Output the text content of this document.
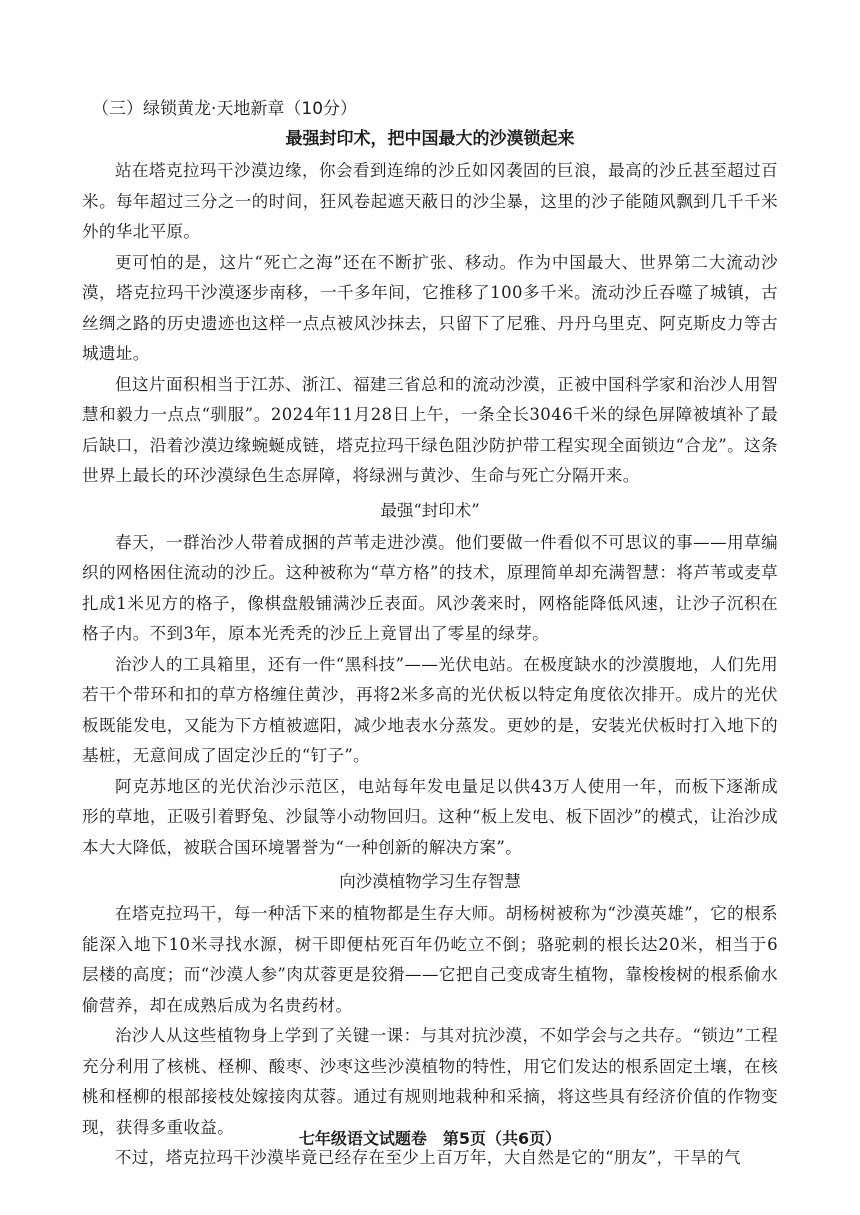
（三）绿锁黄龙·天地新章（10分）
最强封印术，把中国最大的沙漠锁起来

站在塔克拉玛干沙漠边缘，你会看到连绵的沙丘如冈袭固的巨浪，最高的沙丘甚至超过百米。每年超过三分之一的时间，狂风卷起遮天蔽日的沙尘暴，这里的沙子能随风飘到几千千米外的华北平原。

更可怕的是，这片“死亡之海”还在不断扩张、移动。作为中国最大、世界第二大流动沙漠，塔克拉玛干沙漠逐步南移，一千多年间，它推移了100多千米。流动沙丘吞噬了城镇，古丝绸之路的历史遗迹也这样一点点被风沙抹去，只留下了尼雅、丹丹乌里克、阿克斯皮力等古城遗址。

但这片面积相当于江苏、浙江、福建三省总和的流动沙漠，正被中国科学家和治沙人用智慧和毅力一点点“驯服”。2024年11月28日上午，一条全长3046千米的绿色屏障被填补了最后缺口，沿着沙漠边缘蜿蜒成链，塔克拉玛干绿色阻沙防护带工程实现全面锁边“合龙”。这条世界上最长的环沙漠绿色生态屏障，将绿洲与黄沙、生命与死亡分隔开来。

最强“封印术”

春天，一群治沙人带着成捆的芦苇走进沙漠。他们要做一件看似不可思议的事——用草编织的网格困住流动的沙丘。这种被称为“草方格”的技术，原理简单却充满智慧：将芦苇或麦草扎成1米见方的格子，像棋盘般铺满沙丘表面。风沙袭来时，网格能降低风速，让沙子沉积在格子内。不到3年，原本光秃秃的沙丘上竟冒出了零星的绿芽。

治沙人的工具箱里，还有一件“黑科技”——光伏电站。在极度缺水的沙漠腹地，人们先用若干个带环和扣的草方格缠住黄沙，再将2米多高的光伏板以特定角度依次排开。成片的光伏板既能发电，又能为下方植被遮阳，减少地表水分蒸发。更妙的是，安装光伏板时打入地下的基桩，无意间成了固定沙丘的“钉子”。

阿克苏地区的光伏治沙示范区，电站每年发电量足以供43万人使用一年，而板下逐渐成形的草地，正吸引着野兔、沙鼠等小动物回归。这种“板上发电、板下固沙”的模式，让治沙成本大大降低，被联合国环境署誉为“一种创新的解决方案”。

向沙漠植物学习生存智慧

在塔克拉玛干，每一种活下来的植物都是生存大师。胡杨树被称为“沙漠英雄”，它的根系能深入地下10米寻找水源，树干即便枯死百年仍屹立不倒；骆驼刺的根长达20米，相当于6层楼的高度；而“沙漠人参”肉苁蓉更是狡猾——它把自己变成寄生植物，靠梭梭树的根系偷水偷营养，却在成熟后成为名贵药材。

治沙人从这些植物身上学到了关键一课：与其对抗沙漠，不如学会与之共存。“锁边”工程充分利用了核桃、柽柳、酸枣、沙枣这些沙漠植物的特性，用它们发达的根系固定土壤，在核桃和柽柳的根部接枝处嫁接肉苁蓉。通过有规则地栽种和采摘，将这些具有经济价值的作物变现，获得多重收益。

不过，塔克拉玛干沙漠毕竟已经存在至少上百万年，大自然是它的“朋友”，干旱的气

七年级语文试题卷　第5页（共6页）
